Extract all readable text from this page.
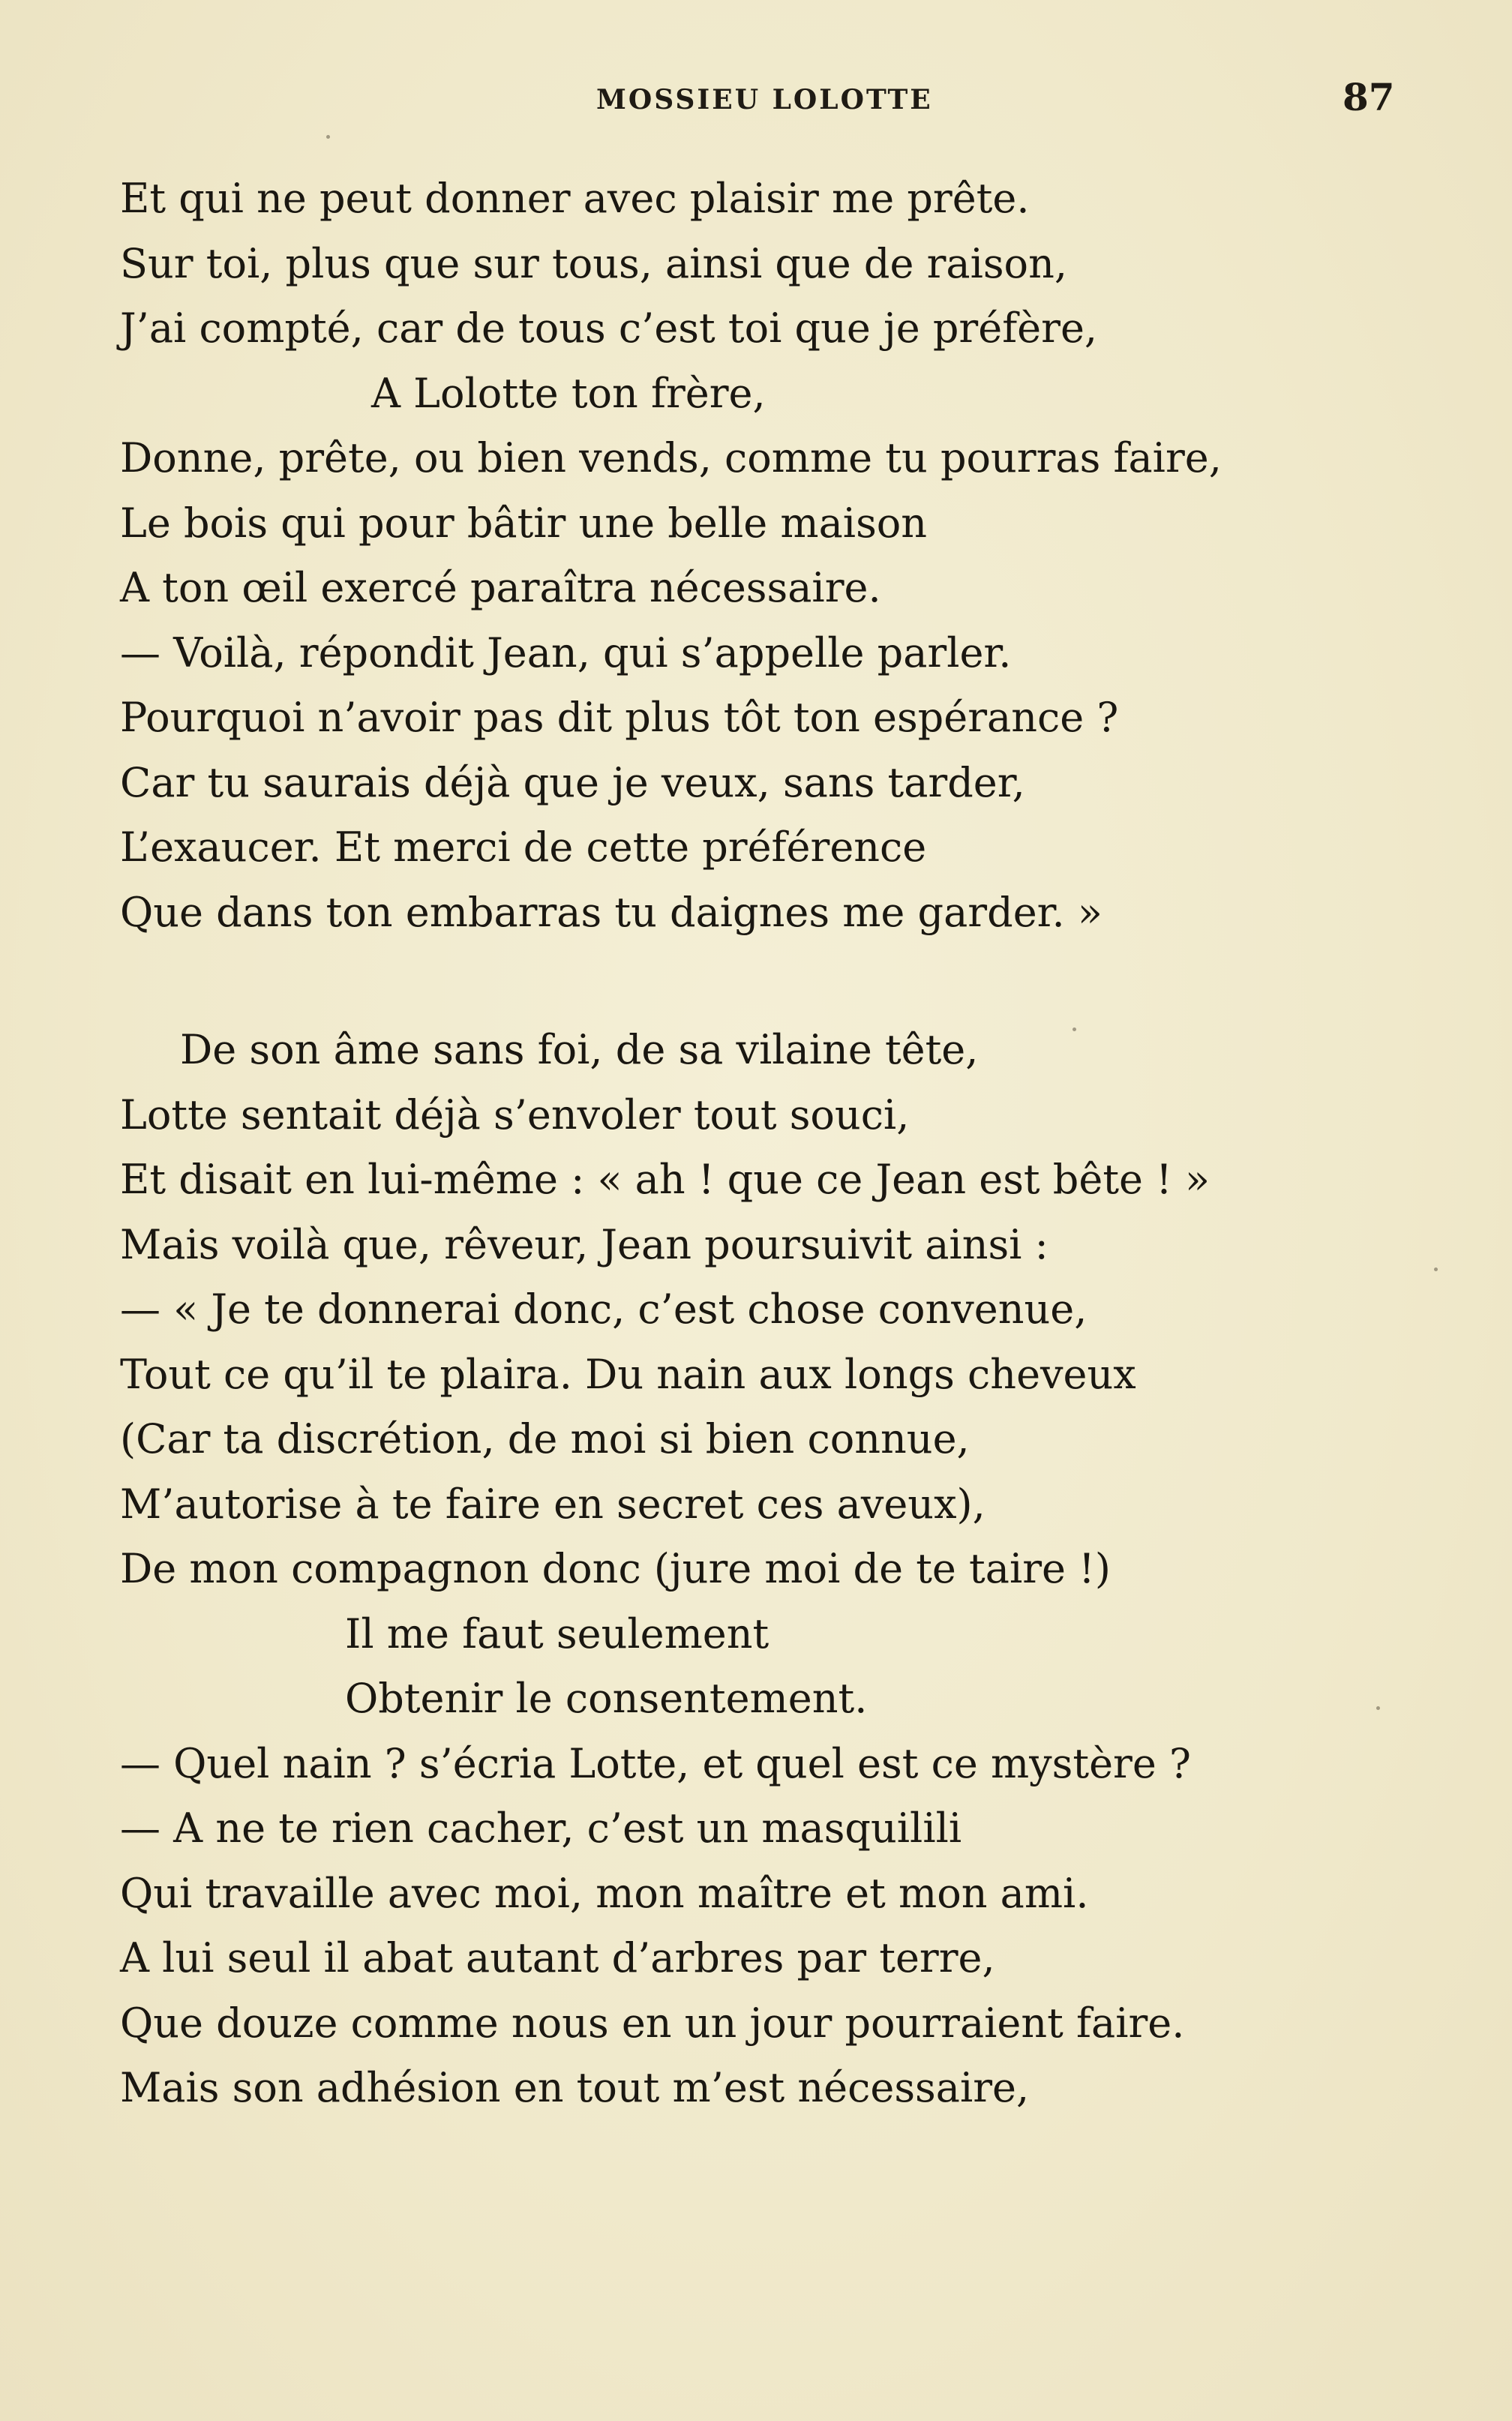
MOSSIEU LOLOTTE	87
Et qui ne peut donner avec plaisir me prête.
Sur toi, plus que sur tous, ainsi que de raison,
J’ai compté, car de tous c’est toi que je préfère,
A Lolotte ton frère,
Donne, prête, ou bien vends, comme tu pourras faire,
Le bois qui pour bâtir une belle maison
A ton œil exercé paraîtra nécessaire.
— Voilà, répondit Jean, qui s’appelle parler.
Pourquoi n’avoir pas dit plus tôt ton espérance ?
Car tu saurais déjà que je veux, sans tarder,
L’exaucer. Et merci de cette préférence
Que dans ton embarras tu daignes me garder. »
De son âme sans foi, de sa vilaine tête,
Lotte sentait déjà s’envoler tout souci,
Et disait en lui-même : « ah ! que ce Jean est bête ! »
Mais voilà que, rêveur, Jean poursuivit ainsi :
— « Je te donnerai donc, c’est chose convenue,
Tout ce qu’il te plaira. Du nain aux longs cheveux
(Car ta discrétion, de moi si bien connue,
M’autorise à te faire en secret ces aveux),
De mon compagnon donc (jure moi de te taire !)
Il me faut seulement
Obtenir le consentement.
— Quel nain ? s’écria Lotte, et quel est ce mystère ?
— A ne te rien cacher, c’est un masquilili
Qui travaille avec moi, mon maître et mon ami.
A lui seul il abat autant d’arbres par terre,
Que douze comme nous en un jour pourraient faire.
Mais son adhésion en tout m’est nécessaire,
